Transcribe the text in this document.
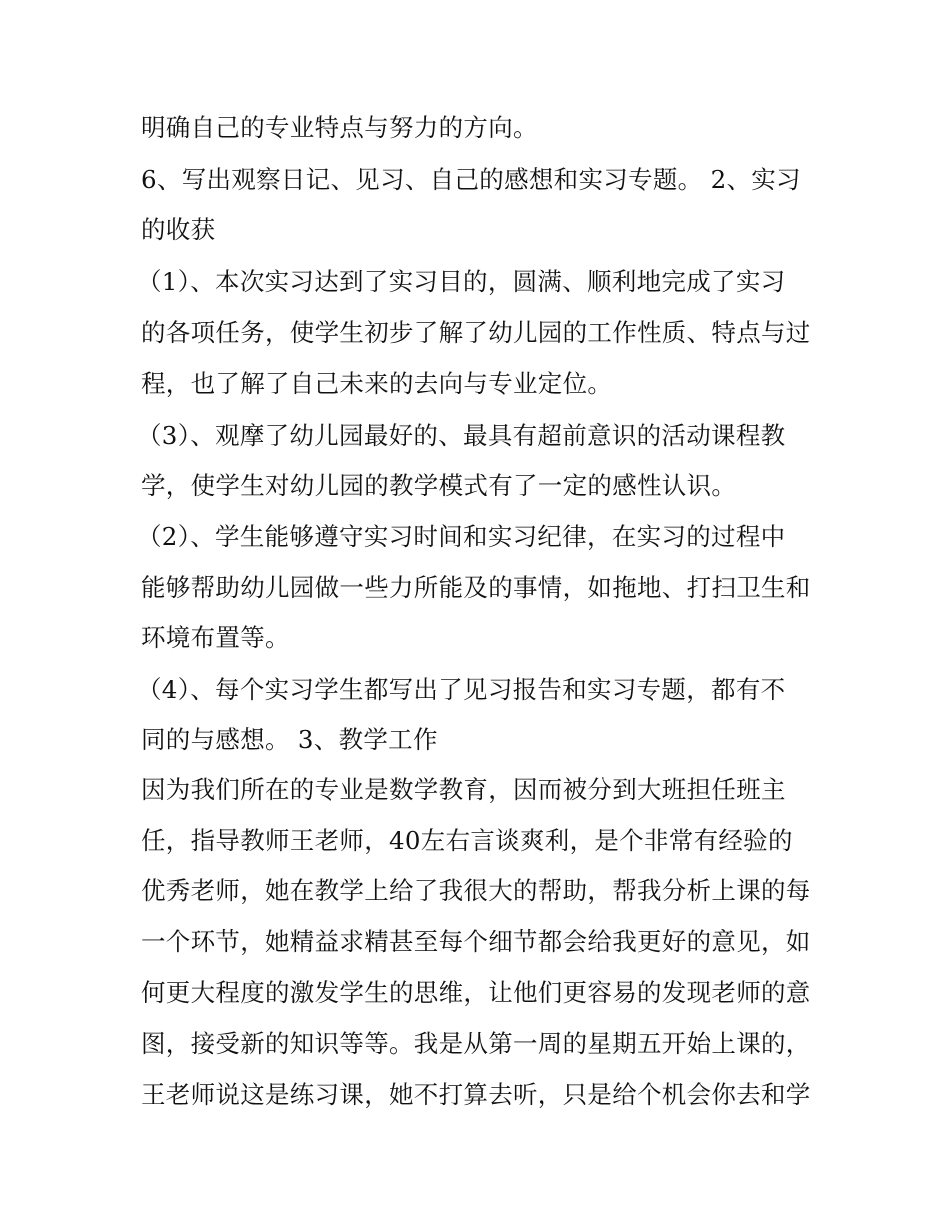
明确自己的专业特点与努力的方向。
6、写出观察日记、见习、自己的感想和实习专题。 2、实习
的收获
（1）、本次实习达到了实习目的，圆满、顺利地完成了实习
的各项任务，使学生初步了解了幼儿园的工作性质、特点与过
程，也了解了自己未来的去向与专业定位。
（3）、观摩了幼儿园最好的、最具有超前意识的活动课程教
学，使学生对幼儿园的教学模式有了一定的感性认识。
（2）、学生能够遵守实习时间和实习纪律，在实习的过程中
能够帮助幼儿园做一些力所能及的事情，如拖地、打扫卫生和
环境布置等。
（4）、每个实习学生都写出了见习报告和实习专题，都有不
同的与感想。 3、教学工作
因为我们所在的专业是数学教育，因而被分到大班担任班主
任，指导教师王老师，40左右言谈爽利，是个非常有经验的
优秀老师，她在教学上给了我很大的帮助，帮我分析上课的每
一个环节，她精益求精甚至每个细节都会给我更好的意见，如
何更大程度的激发学生的思维，让他们更容易的发现老师的意
图，接受新的知识等等。我是从第一周的星期五开始上课的，
王老师说这是练习课，她不打算去听，只是给个机会你去和学
